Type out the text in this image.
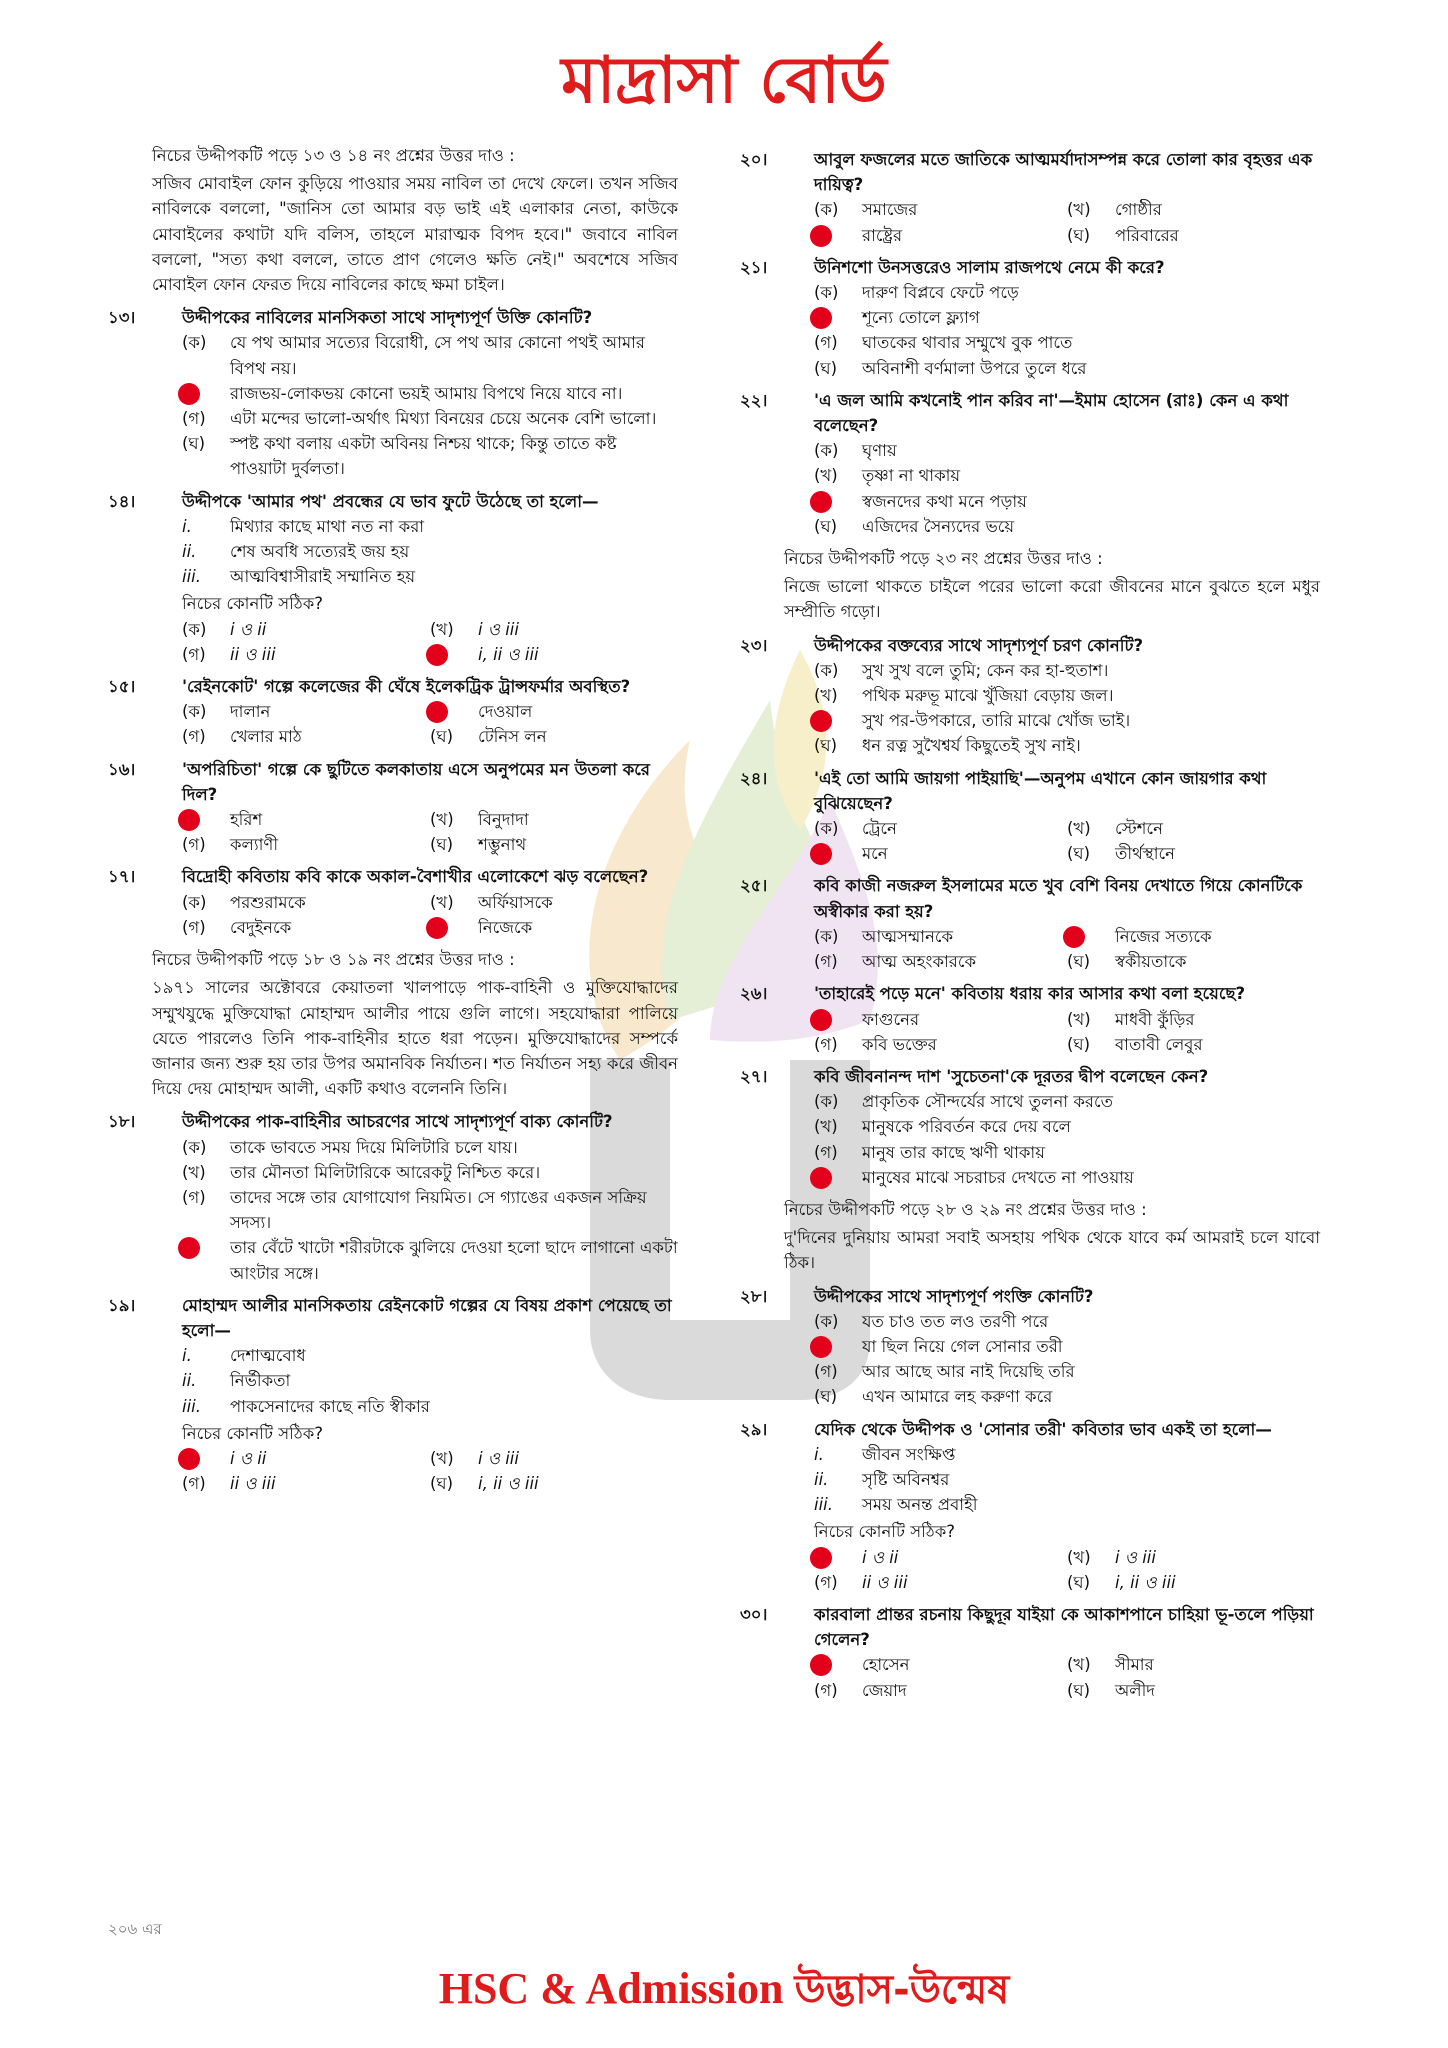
মাদ্রাসা বোর্ড
নিচের উদ্দীপকটি পড়ে ১৩ ও ১৪ নং প্রশ্নের উত্তর দাও :
সজিব মোবাইল ফোন কুড়িয়ে পাওয়ার সময় নাবিল তা দেখে ফেলে। তখন সজিব নাবিলকে বললো, "জানিস তো আমার বড় ভাই এই এলাকার নেতা, কাউকে মোবাইলের কথাটা যদি বলিস, তাহলে মারাত্মক বিপদ হবে।" জবাবে নাবিল বললো, "সত্য কথা বললে, তাতে প্রাণ গেলেও ক্ষতি নেই।" অবশেষে সজিব মোবাইল ফোন ফেরত দিয়ে নাবিলের কাছে ক্ষমা চাইল।
১৩।	উদ্দীপকের নাবিলের মানসিকতা সাথে সাদৃশ্যপূর্ণ উক্তি কোনটি?
(ক)	যে পথ আমার সত্যের বিরোধী, সে পথ আর কোনো পথই আমার বিপথ নয়।
রাজভয়-লোকভয় কোনো ভয়ই আমায় বিপথে নিয়ে যাবে না।
(গ)	এটা মন্দের ভালো-অর্থাৎ মিথ্যা বিনয়ের চেয়ে অনেক বেশি ভালো।
(ঘ)	স্পষ্ট কথা বলায় একটা অবিনয় নিশ্চয় থাকে; কিন্তু তাতে কষ্ট পাওয়াটা দুর্বলতা।
১৪।	উদ্দীপকে 'আমার পথ' প্রবন্ধের যে ভাব ফুটে উঠেছে তা হলো—
i.	মিথ্যার কাছে মাথা নত না করা
ii.	শেষ অবধি সত্যেরই জয় হয়
iii.	আত্মবিশ্বাসীরাই সম্মানিত হয়
নিচের কোনটি সঠিক?
(ক)	i ও ii	(খ)	i ও iii
(গ)	ii ও iii	i, ii ও iii
১৫।	'রেইনকোট' গল্পে কলেজের কী ঘেঁষে ইলেকট্রিক ট্রান্সফর্মার অবস্থিত?
(ক)	দালান	দেওয়াল
(গ)	খেলার মাঠ	(ঘ)	টেনিস লন
১৬।	'অপরিচিতা' গল্পে কে ছুটিতে কলকাতায় এসে অনুপমের মন উতলা করে দিল?
হরিশ	(খ)	বিনুদাদা
(গ)	কল্যাণী	(ঘ)	শম্ভুনাথ
১৭।	বিদ্রোহী কবিতায় কবি কাকে অকাল-বৈশাখীর এলোকেশে ঝড় বলেছেন?
(ক)	পরশুরামকে	(খ)	অর্ফিয়াসকে
(গ)	বেদুইনকে	নিজেকে
নিচের উদ্দীপকটি পড়ে ১৮ ও ১৯ নং প্রশ্নের উত্তর দাও :
১৯৭১ সালের অক্টোবরে কেয়াতলা খালপাড়ে পাক-বাহিনী ও মুক্তিযোদ্ধাদের সম্মুখযুদ্ধে মুক্তিযোদ্ধা মোহাম্মদ আলীর পায়ে গুলি লাগে। সহযোদ্ধারা পালিয়ে যেতে পারলেও তিনি পাক-বাহিনীর হাতে ধরা পড়েন। মুক্তিযোদ্ধাদের সম্পর্কে জানার জন্য শুরু হয় তার উপর অমানবিক নির্যাতন। শত নির্যাতন সহ্য করে জীবন দিয়ে দেয় মোহাম্মদ আলী, একটি কথাও বলেননি তিনি।
১৮।	উদ্দীপকের পাক-বাহিনীর আচরণের সাথে সাদৃশ্যপূর্ণ বাক্য কোনটি?
(ক)	তাকে ভাবতে সময় দিয়ে মিলিটারি চলে যায়।
(খ)	তার মৌনতা মিলিটারিকে আরেকটু নিশ্চিত করে।
(গ)	তাদের সঙ্গে তার যোগাযোগ নিয়মিত। সে গ্যাঙের একজন সক্রিয় সদস্য।
তার বেঁটে খাটো শরীরটাকে ঝুলিয়ে দেওয়া হলো ছাদে লাগানো একটা আংটার সঙ্গে।
১৯।	মোহাম্মদ আলীর মানসিকতায় রেইনকোট গল্পের যে বিষয় প্রকাশ পেয়েছে তা হলো—
i.	দেশাত্মবোধ
ii.	নির্ভীকতা
iii.	পাকসেনাদের কাছে নতি স্বীকার
নিচের কোনটি সঠিক?
i ও ii	(খ)	i ও iii
(গ)	ii ও iii	(ঘ)	i, ii ও iii
২০।	আবুল ফজলের মতে জাতিকে আত্মমর্যাদাসম্পন্ন করে তোলা কার বৃহত্তর এক দায়িত্ব?
(ক)	সমাজের	(খ)	গোষ্ঠীর
রাষ্ট্রের	(ঘ)	পরিবারের
২১।	উনিশশো উনসত্তরেও সালাম রাজপথে নেমে কী করে?
(ক)	দারুণ বিপ্লবে ফেটে পড়ে
শূন্যে তোলে ফ্ল্যাগ
(গ)	ঘাতকের থাবার সম্মুখে বুক পাতে
(ঘ)	অবিনাশী বর্ণমালা উপরে তুলে ধরে
২২।	'এ জল আমি কখনোই পান করিব না'—ইমাম হোসেন (রাঃ) কেন এ কথা বলেছেন?
(ক)	ঘৃণায়
(খ)	তৃষ্ণা না থাকায়
স্বজনদের কথা মনে পড়ায়
(ঘ)	এজিদের সৈন্যদের ভয়ে
নিচের উদ্দীপকটি পড়ে ২৩ নং প্রশ্নের উত্তর দাও :
নিজে ভালো থাকতে চাইলে পরের ভালো করো জীবনের মানে বুঝতে হলে মধুর সম্প্রীতি গড়ো।
২৩।	উদ্দীপকের বক্তব্যের সাথে সাদৃশ্যপূর্ণ চরণ কোনটি?
(ক)	সুখ সুখ বলে তুমি; কেন কর হা-হুতাশ।
(খ)	পথিক মরুভূ মাঝে খুঁজিয়া বেড়ায় জল।
সুখ পর-উপকারে, তারি মাঝে খোঁজ ভাই।
(ঘ)	ধন রত্ন সুখৈশ্বর্য কিছুতেই সুখ নাই।
২৪।	'এই তো আমি জায়গা পাইয়াছি'—অনুপম এখানে কোন জায়গার কথা বুঝিয়েছেন?
(ক)	ট্রেনে	(খ)	স্টেশনে
মনে	(ঘ)	তীর্থস্থানে
২৫।	কবি কাজী নজরুল ইসলামের মতে খুব বেশি বিনয় দেখাতে গিয়ে কোনটিকে অস্বীকার করা হয়?
(ক)	আত্মসম্মানকে	নিজের সত্যকে
(গ)	আত্ম অহংকারকে	(ঘ)	স্বকীয়তাকে
২৬।	'তাহারেই পড়ে মনে' কবিতায় ধরায় কার আসার কথা বলা হয়েছে?
ফাগুনের	(খ)	মাধবী কুঁড়ির
(গ)	কবি ভক্তের	(ঘ)	বাতাবী লেবুর
২৭।	কবি জীবনানন্দ দাশ 'সুচেতনা'কে দূরতর দ্বীপ বলেছেন কেন?
(ক)	প্রাকৃতিক সৌন্দর্যের সাথে তুলনা করতে
(খ)	মানুষকে পরিবর্তন করে দেয় বলে
(গ)	মানুষ তার কাছে ঋণী থাকায়
মানুষের মাঝে সচরাচর দেখতে না পাওয়ায়
নিচের উদ্দীপকটি পড়ে ২৮ ও ২৯ নং প্রশ্নের উত্তর দাও :
দু'দিনের দুনিয়ায় আমরা সবাই অসহায় পথিক থেকে যাবে কর্ম আমরাই চলে যাবো ঠিক।
২৮।	উদ্দীপকের সাথে সাদৃশ্যপূর্ণ পংক্তি কোনটি?
(ক)	যত চাও তত লও তরণী পরে
যা ছিল নিয়ে গেল সোনার তরী
(গ)	আর আছে আর নাই দিয়েছি তরি
(ঘ)	এখন আমারে লহ করুণা করে
২৯।	যেদিক থেকে উদ্দীপক ও 'সোনার তরী' কবিতার ভাব একই তা হলো—
i.	জীবন সংক্ষিপ্ত
ii.	সৃষ্টি অবিনশ্বর
iii.	সময় অনন্ত প্রবাহী
নিচের কোনটি সঠিক?
i ও ii	(খ)	i ও iii
(গ)	ii ও iii	(ঘ)	i, ii ও iii
৩০।	কারবালা প্রান্তর রচনায় কিছুদূর যাইয়া কে আকাশপানে চাহিয়া ভূ-তলে পড়িয়া গেলেন?
হোসেন	(খ)	সীমার
(গ)	জেয়াদ	(ঘ)	অলীদ
২০৬ এর
HSC & Admission উদ্ভাস-উন্মেষ
